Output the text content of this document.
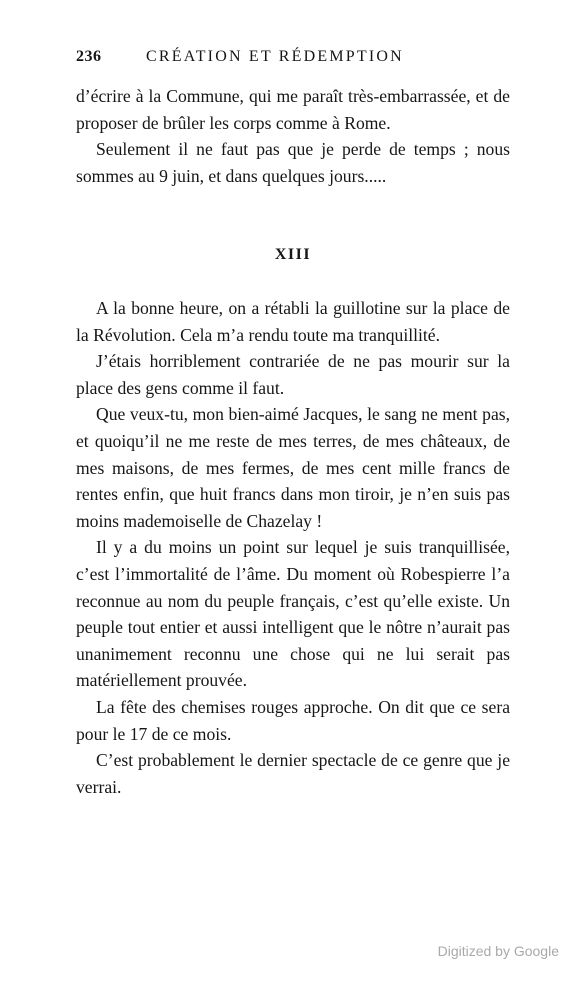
236	CRÉATION ET RÉDEMPTION

d’écrire à la Commune, qui me paraît très-embarrassée, et de proposer de brûler les corps comme à Rome.

Seulement il ne faut pas que je perde de temps ; nous sommes au 9 juin, et dans quelques jours.....

XIII

A la bonne heure, on a rétabli la guillotine sur la place de la Révolution. Cela m’a rendu toute ma tranquillité.

J’étais horriblement contrariée de ne pas mourir sur la place des gens comme il faut.

Que veux-tu, mon bien-aimé Jacques, le sang ne ment pas, et quoiqu’il ne me reste de mes terres, de mes châteaux, de mes maisons, de mes fermes, de mes cent mille francs de rentes enfin, que huit francs dans mon tiroir, je n’en suis pas moins mademoiselle de Chazelay !

Il y a du moins un point sur lequel je suis tranquillisée, c’est l’immortalité de l’âme. Du moment où Robespierre l’a reconnue au nom du peuple français, c’est qu’elle existe. Un peuple tout entier et aussi intelligent que le nôtre n’aurait pas unanimement reconnu une chose qui ne lui serait pas matériellement prouvée.

La fête des chemises rouges approche. On dit que ce sera pour le 17 de ce mois.

C’est probablement le dernier spectacle de ce genre que je verrai.

Digitized by Google
